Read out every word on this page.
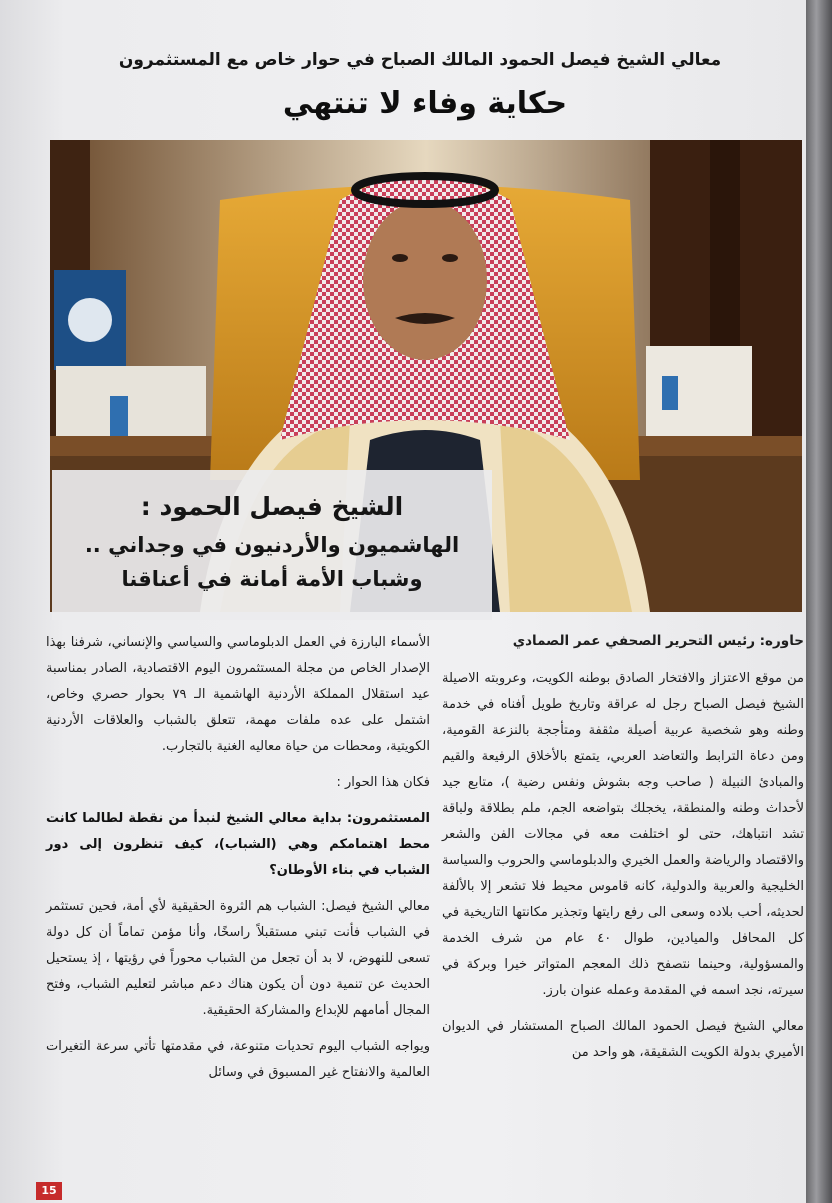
معالي الشيخ فيصل الحمود المالك الصباح في حوار خاص مع المستثمرون
حكاية وفاء لا تنتهي
الشيخ فيصل الحمود :
الهاشميون والأردنيون في وجداني ..
وشباب الأمة أمانة في أعناقنا

حاوره: رئيس التحرير الصحفي عمر الصمادي

من موقع الاعتزاز والافتخار الصادق بوطنه الكويت، وعروبته الاصيلة الشيخ فيصل الصباح رجل له عراقة وتاريخ طويل أفناه في خدمة وطنه وهو شخصية عربية أصيلة مثقفة ومتأججة بالنزعة القومية، ومن دعاة الترابط والتعاضد العربي، يتمتع بالأخلاق الرفيعة والقيم والمبادئ النبيلة ( صاحب وجه بشوش ونفس رضية )، متابع جيد لأحداث وطنه والمنطقة، يخجلك بتواضعه الجم، ملم بطلاقة ولباقة تشد انتباهك، حتى لو اختلفت معه في مجالات الفن والشعر والاقتصاد والرياضة والعمل الخيري والدبلوماسي والحروب والسياسة الخليجية والعربية والدولية، كانه قاموس محيط فلا تشعر إلا بالألفة لحديثه، أحب بلاده وسعى الى رفع رايتها وتجذير مكانتها التاريخية في كل المحافل والميادين، طوال ٤٠ عام من شرف الخدمة والمسؤولية، وحينما نتصفح ذلك المعجم المتواتر خيرا وبركة في سيرته، نجد اسمه في المقدمة وعمله عنوان بارز.

معالي الشيخ فيصل الحمود المالك الصباح المستشار في الديوان الأميري بدولة الكويت الشقيقة، هو واحد من

الأسماء البارزة في العمل الدبلوماسي والسياسي والإنساني، شرفنا بهذا الإصدار الخاص من مجلة المستثمرون اليوم الاقتصادية، الصادر بمناسبة عيد استقلال المملكة الأردنية الهاشمية الـ ٧٩ بحوار حصري وخاص، اشتمل على عده ملفات مهمة، تتعلق بالشباب والعلاقات الأردنية الكويتية، ومحطات من حياة معاليه الغنية بالتجارب.

فكان هذا الحوار :

المستثمرون: بداية معالي الشيخ لنبدأ من نقطة لطالما كانت محط اهتمامكم وهي (الشباب)، كيف تنظرون إلى دور الشباب في بناء الأوطان؟

معالي الشيخ فيصل: الشباب هم الثروة الحقيقية لأي أمة، فحين تستثمر في الشباب فأنت تبني مستقبلاً راسخًا، وأنا مؤمن تماماً أن كل دولة تسعى للنهوض، لا بد أن تجعل من الشباب محوراً في رؤيتها ، إذ يستحيل الحديث عن تنمية دون أن يكون هناك دعم مباشر لتعليم الشباب، وفتح المجال أمامهم للإبداع والمشاركة الحقيقية.

ويواجه الشباب اليوم تحديات متنوعة، في مقدمتها تأتي سرعة التغيرات العالمية والانفتاح غير المسبوق في وسائل

15
